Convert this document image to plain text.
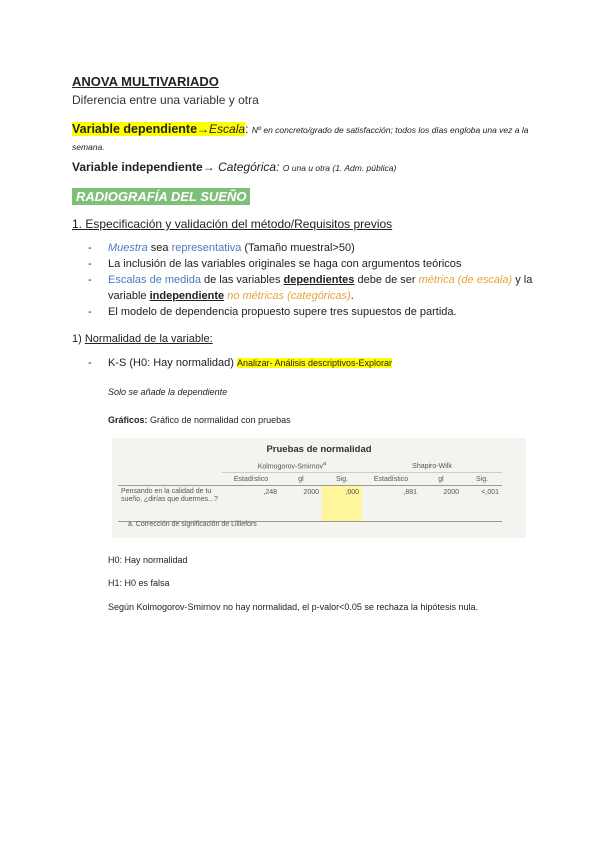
ANOVA MULTIVARIADO
Diferencia entre una variable y otra
Variable dependiente→Escala: Nº en concreto/grado de satisfacción; todos los días engloba una vez a la semana.
Variable independiente→ Categórica: O una u otra (1. Adm. pública)
RADIOGRAFÍA DEL SUEÑO
1. Especificación y validación del método/Requisitos previos
- Muestra sea representativa (Tamaño muestral>50)
- La inclusión de las variables originales se haga con argumentos teóricos
- Escalas de medida de las variables dependientes debe de ser métrica (de escala) y la variable independiente no métricas (categóricas).
- El modelo de dependencia propuesto supere tres supuestos de partida.
1) Normalidad de la variable:
- K-S (H0: Hay normalidad) Analizar- Análisis descriptivos-Explorar
Solo se añade la dependiente
Gráficos: Gráfico de normalidad con pruebas
Pruebas de normalidad
	Kolmogorov-Smirnov$^a$			Shapiro-Wilk		
	Estadístico	gl	Sig.	Estadístico	gl	Sig.
Pensando en la calidad de tu sueño, ¿dirías que duermes...?	,248	2000	,000	,881	2000	<,001
a. Corrección de significación de Lilliefors
H0: Hay normalidad
H1: H0 es falsa
Según Kolmogorov-Smirnov no hay normalidad, el p-valor<0.05 se rechaza la hipótesis nula.
